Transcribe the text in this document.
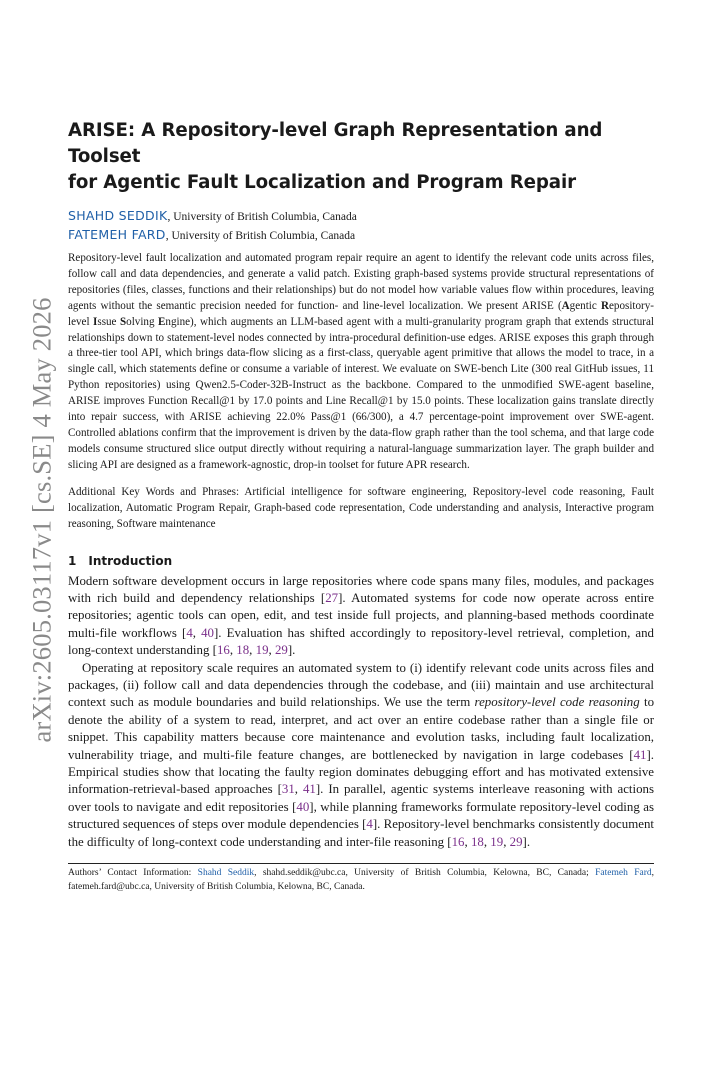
arXiv:2605.03117v1 [cs.SE] 4 May 2026
ARISE: A Repository-level Graph Representation and Toolset
for Agentic Fault Localization and Program Repair
SHAHD SEDDIK, University of British Columbia, Canada
FATEMEH FARD, University of British Columbia, Canada

Repository-level fault localization and automated program repair require an agent to identify the relevant code units across files, follow call and data dependencies, and generate a valid patch. Existing graph-based systems provide structural representations of repositories (files, classes, functions and their relationships) but do not model how variable values flow within procedures, leaving agents without the semantic precision needed for function- and line-level localization. We present ARISE (Agentic Repository-level Issue Solving Engine), which augments an LLM-based agent with a multi-granularity program graph that extends structural relationships down to statement-level nodes connected by intra-procedural definition-use edges. ARISE exposes this graph through a three-tier tool API, which brings data-flow slicing as a first-class, queryable agent primitive that allows the model to trace, in a single call, which statements define or consume a variable of interest. We evaluate on SWE-bench Lite (300 real GitHub issues, 11 Python repositories) using Qwen2.5-Coder-32B-Instruct as the backbone. Compared to the unmodified SWE-agent baseline, ARISE improves Function Recall@1 by 17.0 points and Line Recall@1 by 15.0 points. These localization gains translate directly into repair success, with ARISE achieving 22.0% Pass@1 (66/300), a 4.7 percentage-point improvement over SWE-agent. Controlled ablations confirm that the improvement is driven by the data-flow graph rather than the tool schema, and that large code models consume structured slice output directly without requiring a natural-language summarization layer. The graph builder and slicing API are designed as a framework-agnostic, drop-in toolset for future APR research.

Additional Key Words and Phrases: Artificial intelligence for software engineering, Repository-level code reasoning, Fault localization, Automatic Program Repair, Graph-based code representation, Code understanding and analysis, Interactive program reasoning, Software maintenance

1 Introduction

Modern software development occurs in large repositories where code spans many files, modules, and packages with rich build and dependency relationships [27]. Automated systems for code now operate across entire repositories; agentic tools can open, edit, and test inside full projects, and planning-based methods coordinate multi-file workflows [4, 40]. Evaluation has shifted accordingly to repository-level retrieval, completion, and long-context understanding [16, 18, 19, 29].

Operating at repository scale requires an automated system to (i) identify relevant code units across files and packages, (ii) follow call and data dependencies through the codebase, and (iii) maintain and use architectural context such as module boundaries and build relationships. We use the term repository-level code reasoning to denote the ability of a system to read, interpret, and act over an entire codebase rather than a single file or snippet. This capability matters because core maintenance and evolution tasks, including fault localization, vulnerability triage, and multi-file feature changes, are bottlenecked by navigation in large codebases [41]. Empirical studies show that locating the faulty region dominates debugging effort and has motivated extensive information-retrieval-based approaches [31, 41]. In parallel, agentic systems interleave reasoning with actions over tools to navigate and edit repositories [40], while planning frameworks formulate repository-level coding as structured sequences of steps over module dependencies [4]. Repository-level benchmarks consistently document the difficulty of long-context code understanding and inter-file reasoning [16, 18, 19, 29].

Authors’ Contact Information: Shahd Seddik, shahd.seddik@ubc.ca, University of British Columbia, Kelowna, BC, Canada; Fatemeh Fard, fatemeh.fard@ubc.ca, University of British Columbia, Kelowna, BC, Canada.
